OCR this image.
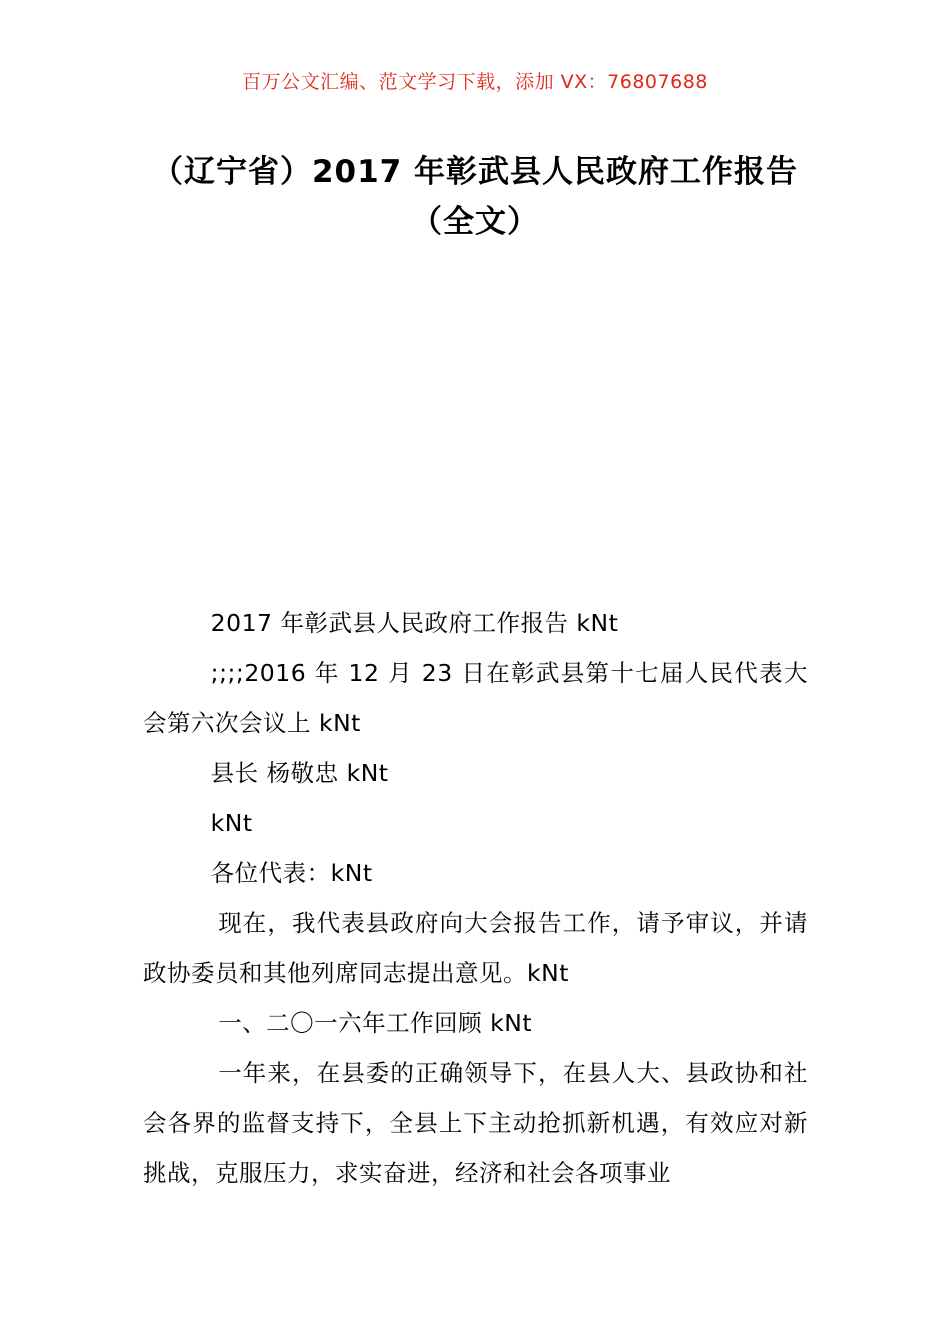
百万公文汇编、范文学习下载，添加 VX：76807688
（辽宁省）2017 年彰武县人民政府工作报告（全文）

2017 年彰武县人民政府工作报告 kNt

;;;;2016 年 12 月 23 日在彰武县第十七届人民代表大会第六次会议上 kNt

县长 杨敬忠 kNt

kNt

各位代表：kNt

现在，我代表县政府向大会报告工作，请予审议，并请政协委员和其他列席同志提出意见。kNt

一、二〇一六年工作回顾 kNt

一年来，在县委的正确领导下，在县人大、县政协和社会各界的监督支持下，全县上下主动抢抓新机遇，有效应对新挑战，克服压力，求实奋进，经济和社会各项事业
